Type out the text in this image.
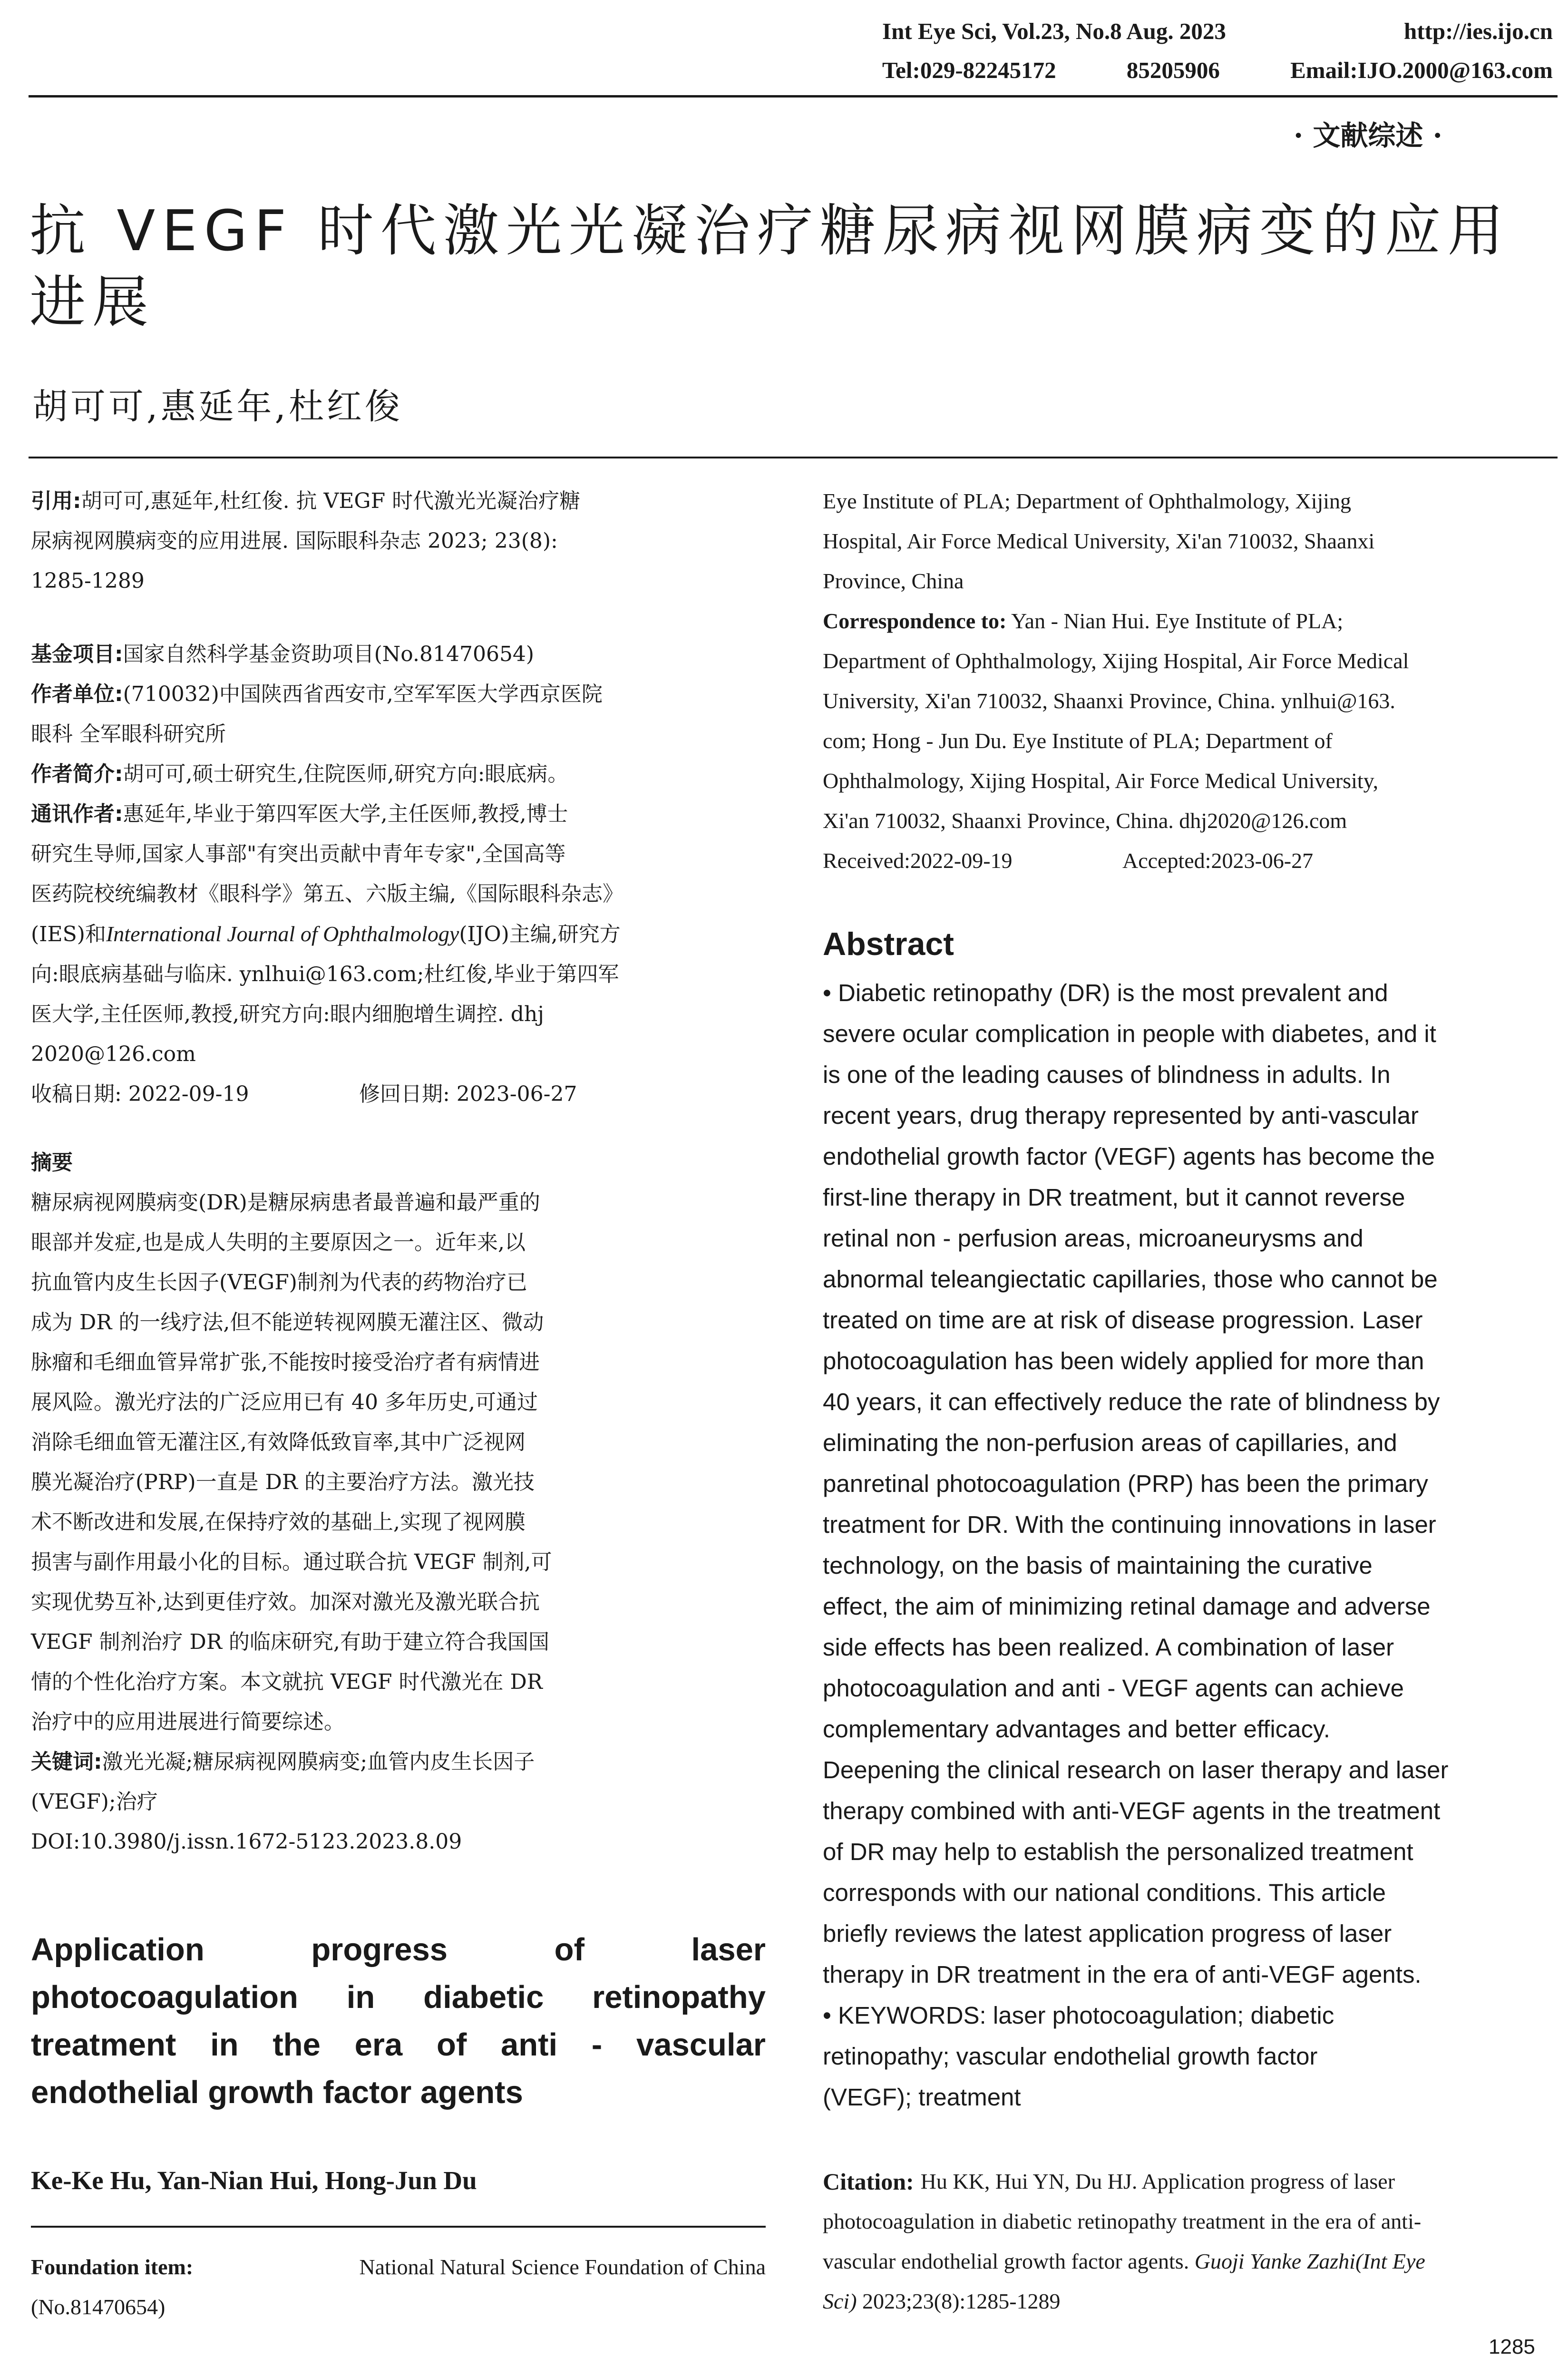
Int Eye Sci, Vol.23, No.8 Aug. 2023	http://ies.ijo.cn
Tel:029-82245172	85205906	Email:IJO.2000@163.com
· 文献综述 ·
抗 VEGF 时代激光光凝治疗糖尿病视网膜病变的应用
进展
胡可可,惠延年,杜红俊
引用:胡可可,惠延年,杜红俊. 抗 VEGF 时代激光光凝治疗糖
尿病视网膜病变的应用进展. 国际眼科杂志 2023; 23(8):
1285-1289
基金项目:国家自然科学基金资助项目(No.81470654)
作者单位:(710032)中国陕西省西安市,空军军医大学西京医院
眼科 全军眼科研究所
作者简介:胡可可,硕士研究生,住院医师,研究方向:眼底病。
通讯作者:惠延年,毕业于第四军医大学,主任医师,教授,博士
研究生导师,国家人事部"有突出贡献中青年专家",全国高等
医药院校统编教材《眼科学》第五、六版主编,《国际眼科杂志》
(IES)和International Journal of Ophthalmology(IJO)主编,研究方
向:眼底病基础与临床. ynlhui@163.com;杜红俊,毕业于第四军
医大学,主任医师,教授,研究方向:眼内细胞增生调控. dhj
2020@126.com
收稿日期: 2022-09-19	修回日期: 2023-06-27
摘要
糖尿病视网膜病变(DR)是糖尿病患者最普遍和最严重的
眼部并发症,也是成人失明的主要原因之一。近年来,以
抗血管内皮生长因子(VEGF)制剂为代表的药物治疗已
成为 DR 的一线疗法,但不能逆转视网膜无灌注区、微动
脉瘤和毛细血管异常扩张,不能按时接受治疗者有病情进
展风险。激光疗法的广泛应用已有 40 多年历史,可通过
消除毛细血管无灌注区,有效降低致盲率,其中广泛视网
膜光凝治疗(PRP)一直是 DR 的主要治疗方法。激光技
术不断改进和发展,在保持疗效的基础上,实现了视网膜
损害与副作用最小化的目标。通过联合抗 VEGF 制剂,可
实现优势互补,达到更佳疗效。加深对激光及激光联合抗
VEGF 制剂治疗 DR 的临床研究,有助于建立符合我国国
情的个性化治疗方案。本文就抗 VEGF 时代激光在 DR
治疗中的应用进展进行简要综述。
关键词:激光光凝;糖尿病视网膜病变;血管内皮生长因子
(VEGF);治疗
DOI:10.3980/j.issn.1672-5123.2023.8.09
Application	progress	of	laser
photocoagulation in diabetic retinopathy
treatment in the era of anti - vascular
endothelial growth factor agents
Ke-Ke Hu, Yan-Nian Hui, Hong-Jun Du
Foundation item:	National Natural Science Foundation of China
(No.81470654)
Eye Institute of PLA; Department of Ophthalmology, Xijing
Hospital, Air Force Medical University, Xi'an 710032, Shaanxi
Province, China
Correspondence to: Yan - Nian Hui. Eye Institute of PLA;
Department of Ophthalmology, Xijing Hospital, Air Force Medical
University, Xi'an 710032, Shaanxi Province, China. ynlhui@163.
com; Hong - Jun Du. Eye Institute of PLA; Department of
Ophthalmology, Xijing Hospital, Air Force Medical University,
Xi'an 710032, Shaanxi Province, China. dhj2020@126.com
Received:2022-09-19	Accepted:2023-06-27
Abstract
• Diabetic retinopathy (DR) is the most prevalent and
severe ocular complication in people with diabetes, and it
is one of the leading causes of blindness in adults. In
recent years, drug therapy represented by anti-vascular
endothelial growth factor (VEGF) agents has become the
first-line therapy in DR treatment, but it cannot reverse
retinal non - perfusion areas, microaneurysms and
abnormal teleangiectatic capillaries, those who cannot be
treated on time are at risk of disease progression. Laser
photocoagulation has been widely applied for more than
40 years, it can effectively reduce the rate of blindness by
eliminating the non-perfusion areas of capillaries, and
panretinal photocoagulation (PRP) has been the primary
treatment for DR. With the continuing innovations in laser
technology, on the basis of maintaining the curative
effect, the aim of minimizing retinal damage and adverse
side effects has been realized. A combination of laser
photocoagulation and anti - VEGF agents can achieve
complementary advantages and better efficacy.
Deepening the clinical research on laser therapy and laser
therapy combined with anti-VEGF agents in the treatment
of DR may help to establish the personalized treatment
corresponds with our national conditions. This article
briefly reviews the latest application progress of laser
therapy in DR treatment in the era of anti-VEGF agents.
• KEYWORDS: laser photocoagulation; diabetic
retinopathy; vascular endothelial growth factor
(VEGF); treatment
Citation: Hu KK, Hui YN, Du HJ. Application progress of laser
photocoagulation in diabetic retinopathy treatment in the era of anti-
vascular endothelial growth factor agents. Guoji Yanke Zazhi(Int Eye
Sci) 2023;23(8):1285-1289
1285
